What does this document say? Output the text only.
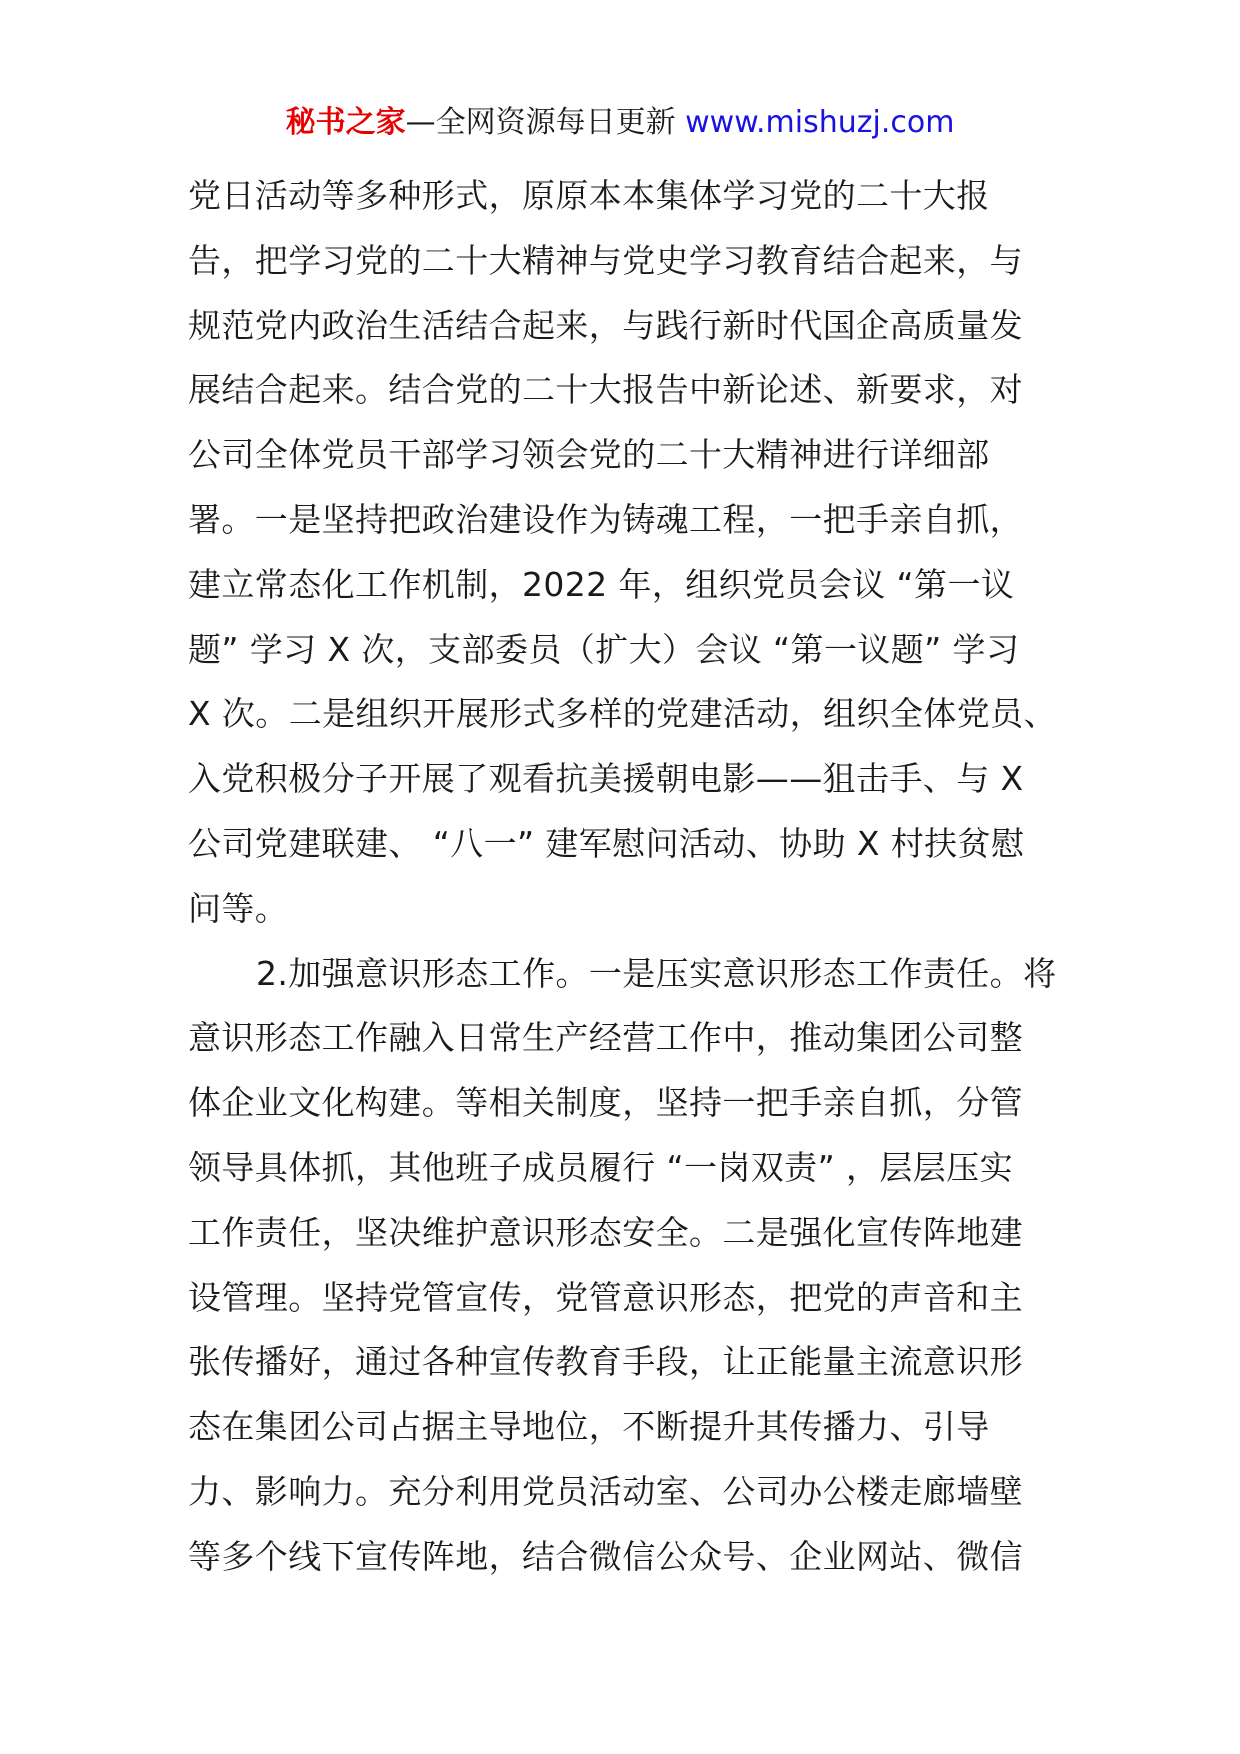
秘书之家—全网资源每日更新 www.mishuzj.com
党日活动等多种形式，原原本本集体学习党的二十大报
告，把学习党的二十大精神与党史学习教育结合起来，与
规范党内政治生活结合起来，与践行新时代国企高质量发
展结合起来。结合党的二十大报告中新论述、新要求，对
公司全体党员干部学习领会党的二十大精神进行详细部
署。一是坚持把政治建设作为铸魂工程，一把手亲自抓，
建立常态化工作机制，2022 年，组织党员会议 “第一议
题” 学习 X 次，支部委员（扩大）会议 “第一议题” 学习
X 次。二是组织开展形式多样的党建活动，组织全体党员、
入党积极分子开展了观看抗美援朝电影——狙击手、与 X
公司党建联建、 “八一” 建军慰问活动、协助 X 村扶贫慰
问等。
2.加强意识形态工作。一是压实意识形态工作责任。将
意识形态工作融入日常生产经营工作中，推动集团公司整
体企业文化构建。等相关制度，坚持一把手亲自抓，分管
领导具体抓，其他班子成员履行 “一岗双责” ，层层压实
工作责任，坚决维护意识形态安全。二是强化宣传阵地建
设管理。坚持党管宣传，党管意识形态，把党的声音和主
张传播好，通过各种宣传教育手段，让正能量主流意识形
态在集团公司占据主导地位，不断提升其传播力、引导
力、影响力。充分利用党员活动室、公司办公楼走廊墙壁
等多个线下宣传阵地，结合微信公众号、企业网站、微信
